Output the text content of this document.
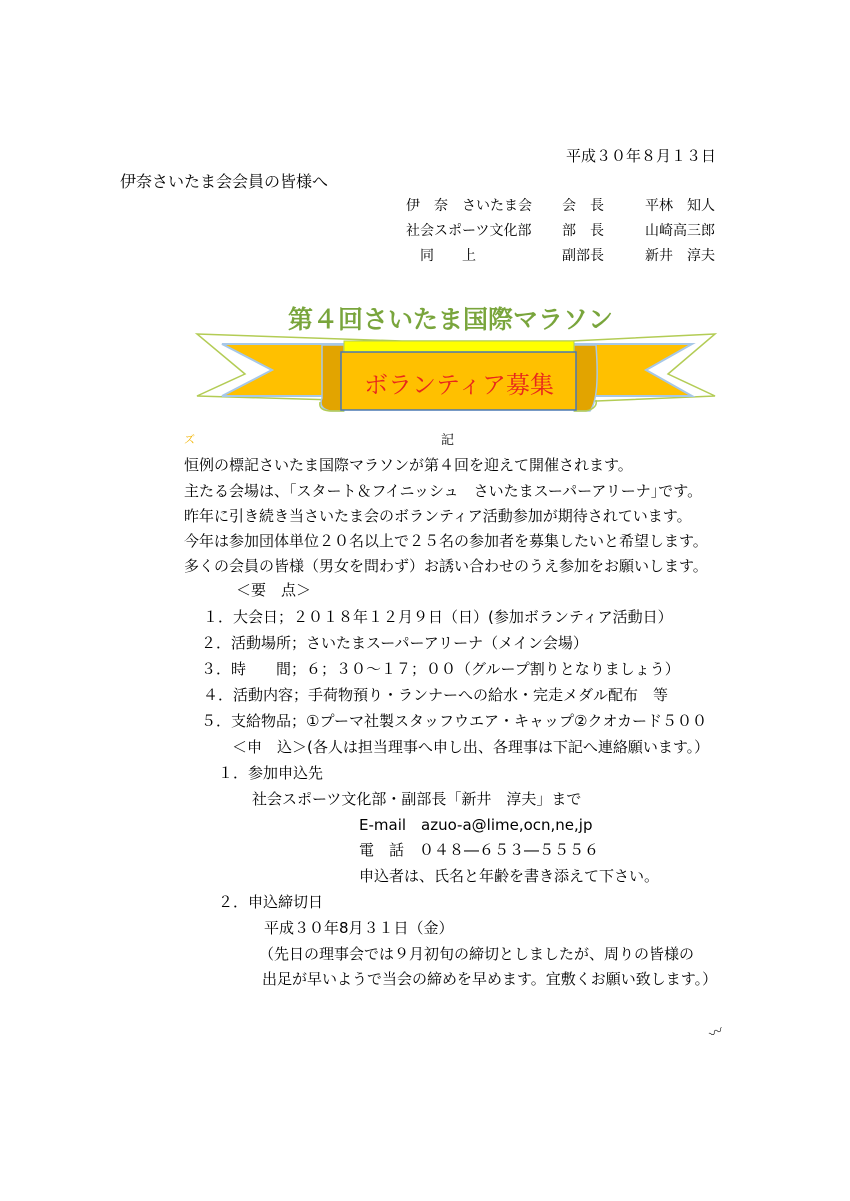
平成３０年８月１３日
伊奈さいたま会会員の皆様へ
伊　奈　さいたま会 会　長	平林　知人
社会スポーツ文化部 部　長	山崎高三郎
　同　　上	副部長	新井　淳夫
第４回さいたま国際マラソン
ボランティア募集
ズ	記
恒例の標記さいたま国際マラソンが第４回を迎えて開催されます。
主たる会場は、｢スタート＆フイニッシュ　さいたまスーパーアリーナ｣です。
昨年に引き続き当さいたま会のボランティア活動参加が期待されています。
今年は参加団体単位２０名以上で２５名の参加者を募集したいと希望します。
多くの会員の皆様（男女を問わず）お誘い合わせのうえ参加をお願いします。
＜要　点＞
１．大会日；２０１８年１２月９日（日）(参加ボランティア活動日）
２．活動場所；さいたまスーパーアリーナ（メイン会場）
３．時　　間；６；３０～１７；００（グループ割りとなりましょう）
４．活動内容；手荷物預り・ランナーへの給水・完走メダル配布　等
５．支給物品；①プーマ社製スタッフウエア・キャップ②クオカード５００
＜申　込＞(各人は担当理事へ申し出、各理事は下記へ連絡願います。）
１．参加申込先
社会スポーツ文化部・副部長「新井　淳夫」まで
E-mail　azuo-a@lime,ocn,ne,jp
電　話　０４８―６５３―５５５６
申込者は、氏名と年齢を書き添えて下さい。
２．申込締切日
平成３０年8月３１日（金）
（先日の理事会では９月初旬の締切としましたが、周りの皆様の
出足が早いようで当会の締めを早めます。宜敷くお願い致します。）
〰
